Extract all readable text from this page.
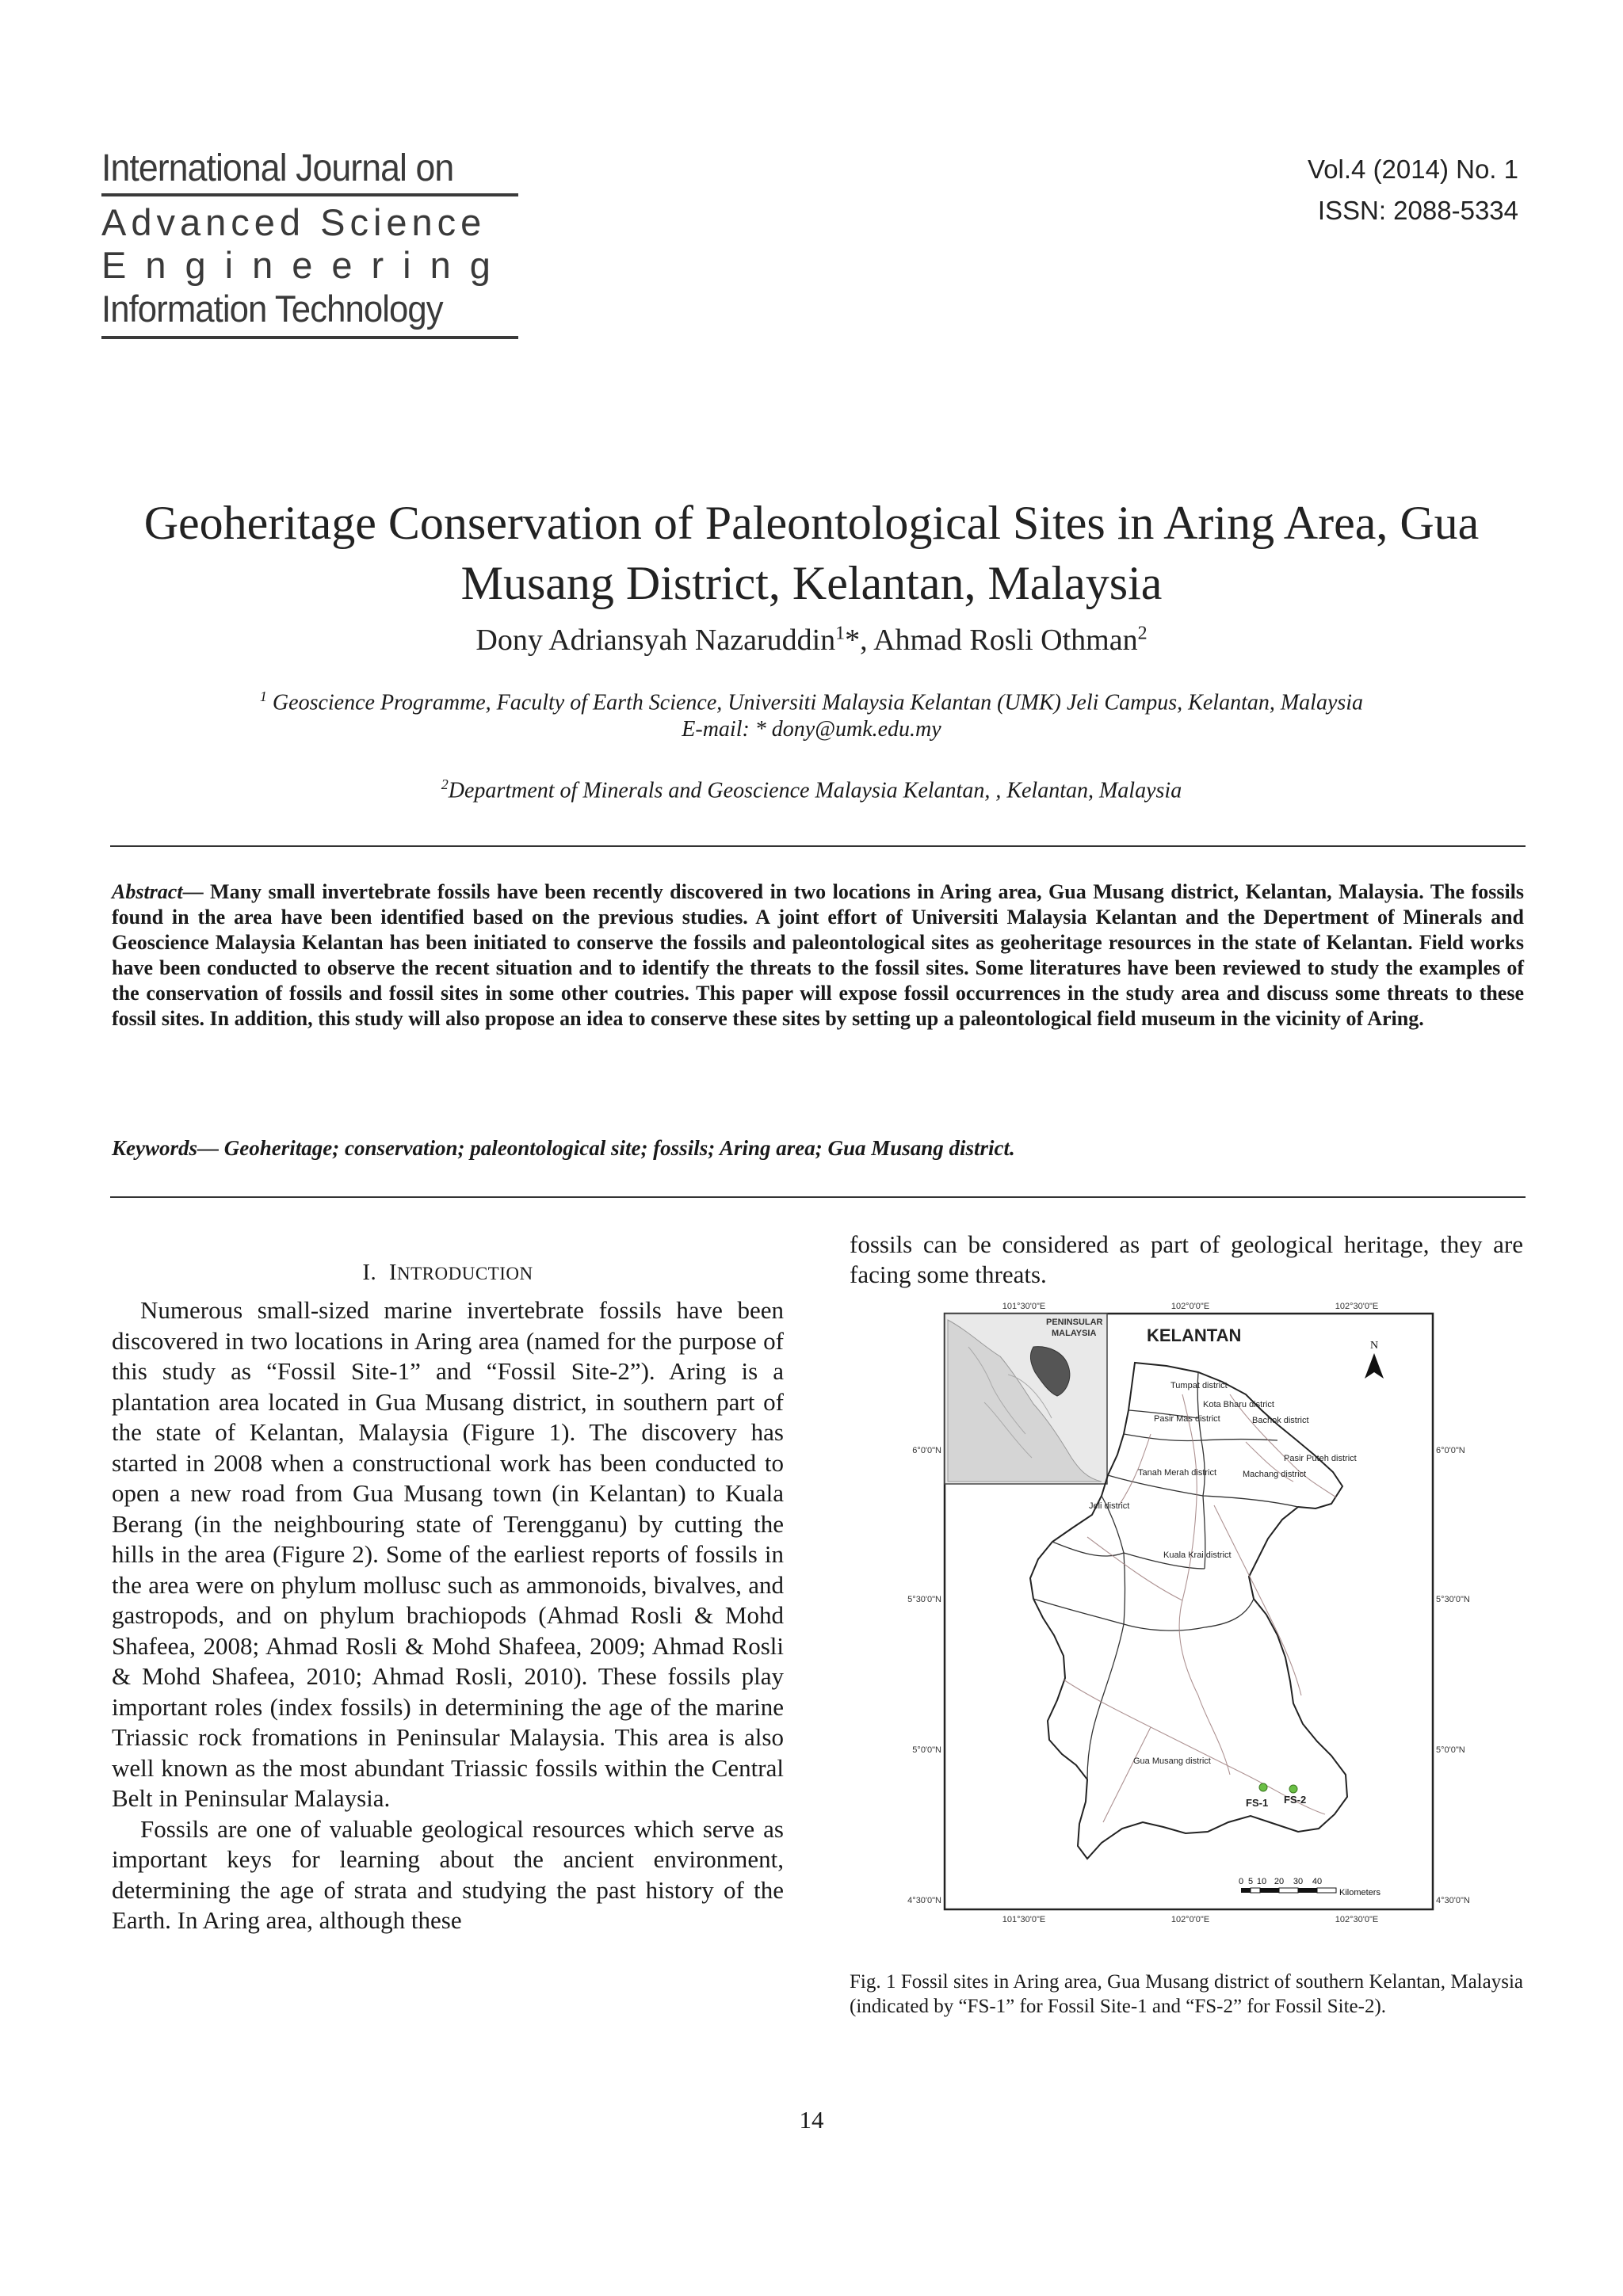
International Journal on
Advanced Science
Engineering
Information Technology
Vol.4 (2014) No. 1
ISSN: 2088-5334
Geoheritage Conservation of Paleontological Sites in Aring Area, Gua Musang District, Kelantan, Malaysia
Dony Adriansyah Nazaruddin$^1$*, Ahmad Rosli Othman$^2$
$^1$ Geoscience Programme, Faculty of Earth Science, Universiti Malaysia Kelantan (UMK) Jeli Campus, Kelantan, Malaysia
E-mail: * dony@umk.edu.my
$^2$Department of Minerals and Geoscience Malaysia Kelantan, , Kelantan, Malaysia
Abstract— Many small invertebrate fossils have been recently discovered in two locations in Aring area, Gua Musang district, Kelantan, Malaysia. The fossils found in the area have been identified based on the previous studies. A joint effort of Universiti Malaysia Kelantan and the Depertment of Minerals and Geoscience Malaysia Kelantan has been initiated to conserve the fossils and paleontological sites as geoheritage resources in the state of Kelantan. Field works have been conducted to observe the recent situation and to identify the threats to the fossil sites. Some literatures have been reviewed to study the examples of the conservation of fossils and fossil sites in some other coutries. This paper will expose fossil occurrences in the study area and discuss some threats to these fossil sites. In addition, this study will also propose an idea to conserve these sites by setting up a paleontological field museum in the vicinity of Aring.
Keywords— Geoheritage; conservation; paleontological site; fossils; Aring area; Gua Musang district.
I. INTRODUCTION

Numerous small-sized marine invertebrate fossils have been discovered in two locations in Aring area (named for the purpose of this study as “Fossil Site-1” and “Fossil Site-2”). Aring is a plantation area located in Gua Musang district, in southern part of the state of Kelantan, Malaysia (Figure 1). The discovery has started in 2008 when a constructional work has been conducted to open a new road from Gua Musang town (in Kelantan) to Kuala Berang (in the neighbouring state of Terengganu) by cutting the hills in the area (Figure 2). Some of the earliest reports of fossils in the area were on phylum mollusc such as ammonoids, bivalves, and gastropods, and on phylum brachiopods (Ahmad Rosli & Mohd Shafeea, 2008; Ahmad Rosli & Mohd Shafeea, 2009; Ahmad Rosli & Mohd Shafeea, 2010; Ahmad Rosli, 2010). These fossils play important roles (index fossils) in determining the age of the marine Triassic rock fromations in Peninsular Malaysia. This area is also well known as the most abundant Triassic fossils within the Central Belt in Peninsular Malaysia.

Fossils are one of valuable geological resources which serve as important keys for learning about the ancient environment, determining the age of strata and studying the past history of the Earth. In Aring area, although these

fossils can be considered as part of geological heritage, they are facing some threats.

101°30'0"E	102°0'0"E	102°30'0"E
101°30'0"E	102°0'0"E	102°30'0"E
6°0'0"N
5°30'0"N
5°0'0"N
4°30'0"N
6°0'0"N
5°30'0"N
5°0'0"N
4°30'0"N
PENINSULAR
MALAYSIA	KELANTAN
N
Tumpat district
Kota Bharu district
Pasir Mas district	Bachok district
Pasir Puteh district
Tanah Merah district	Machang district
Jeli district
Kuala Krai district
Gua Musang district
FS-1 FS-2
0 5 10 20 30 40
Kilometers
Fig. 1 Fossil sites in Aring area, Gua Musang district of southern Kelantan, Malaysia (indicated by “FS-1” for Fossil Site-1 and “FS-2” for Fossil Site-2).
14
